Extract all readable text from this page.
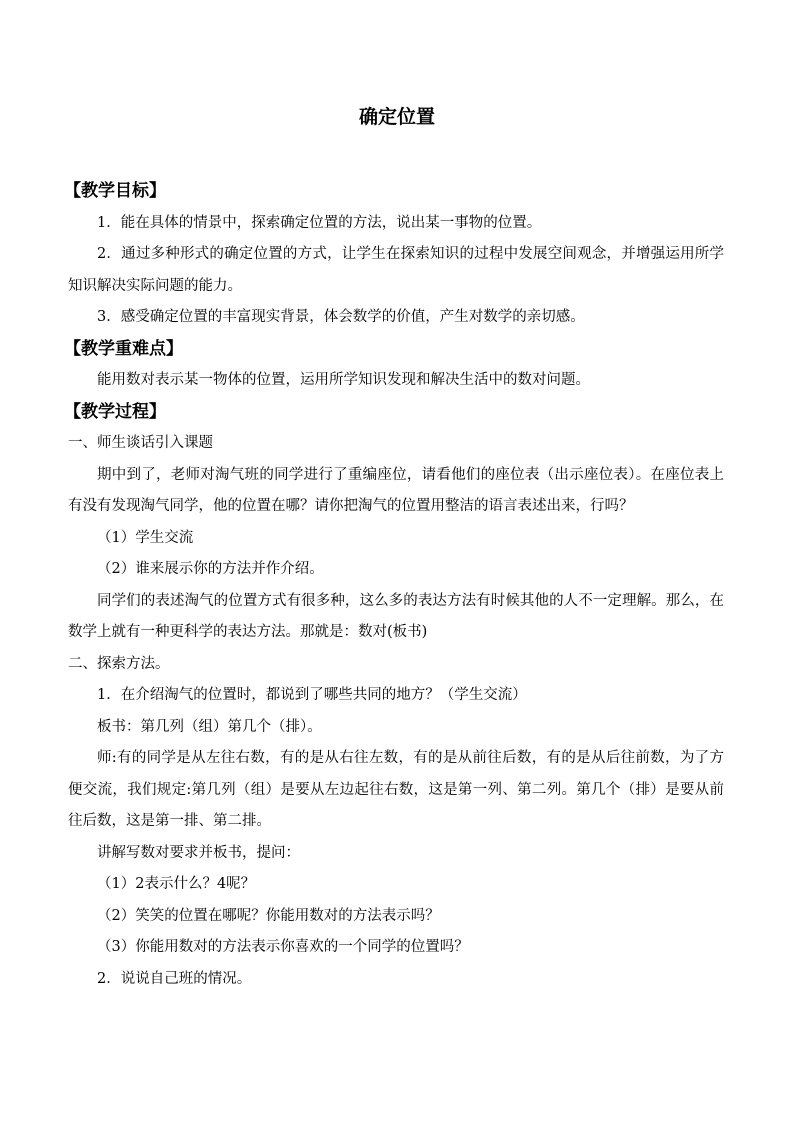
确定位置

【教学目标】

1．能在具体的情景中，探索确定位置的方法，说出某一事物的位置。

2．通过多种形式的确定位置的方式，让学生在探索知识的过程中发展空间观念，并增强运用所学知识解决实际问题的能力。

3．感受确定位置的丰富现实背景，体会数学的价值，产生对数学的亲切感。

【教学重难点】

能用数对表示某一物体的位置，运用所学知识发现和解决生活中的数对问题。

【教学过程】

一、师生谈话引入课题

期中到了，老师对淘气班的同学进行了重编座位，请看他们的座位表（出示座位表）。在座位表上有没有发现淘气同学，他的位置在哪？请你把淘气的位置用整洁的语言表述出来，行吗？

（1）学生交流

（2）谁来展示你的方法并作介绍。

同学们的表述淘气的位置方式有很多种，这么多的表达方法有时候其他的人不一定理解。那么，在数学上就有一种更科学的表达方法。那就是：数对(板书)

二、探索方法。

1．在介绍淘气的位置时，都说到了哪些共同的地方？（学生交流）

板书：第几列（组）第几个（排）。

师:有的同学是从左往右数，有的是从右往左数，有的是从前往后数，有的是从后往前数，为了方便交流，我们规定:第几列（组）是要从左边起往右数，这是第一列、第二列。第几个（排）是要从前往后数，这是第一排、第二排。

讲解写数对要求并板书，提问：

（1）2表示什么？4呢？

（2）笑笑的位置在哪呢？你能用数对的方法表示吗？

（3）你能用数对的方法表示你喜欢的一个同学的位置吗？

2．说说自己班的情况。
